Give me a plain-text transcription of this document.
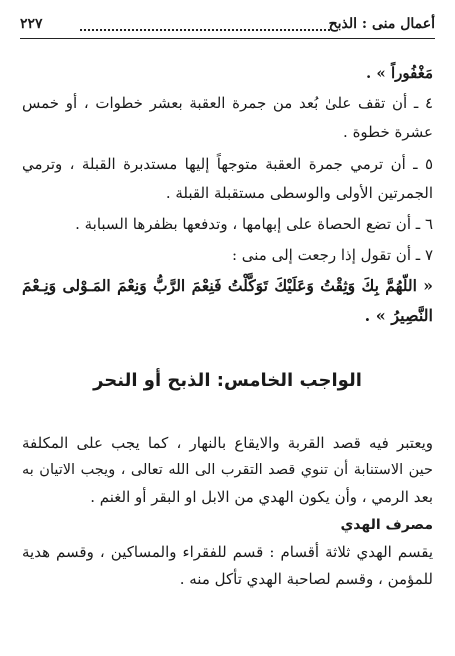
أعمال منى : الذبح
٢٢٧
مَغْفُوراً » .
٤ ـ أن تقف علىٰ بُعد من جمرة العقبة بعشر خطوات ، أو خمس
عشرة خطوة .
٥ ـ أن ترمي جمرة العقبة متوجهاً إليها مستدبرة القبلة ، وترمي
الجمرتين الأولى والوسطى مستقبلة القبلة .
٦ ـ أن تضع الحصاة على إبهامها ، وتدفعها بظفرها السبابة .
٧ ـ أن تقول إذا رجعت إلى منى :
« اللّهُمَّ بِكَ وَثِقْتُ وَعَلَيْكَ تَوَكَّلْتُ فَنِعْمَ الرَّبُّ وَنِعْمَ المَـوْلى وَنِـعْمَ
النَّصِيرُ » .
الواجب الخامس: الذبح أو النحر
ويعتبر فيه قصد القربة والايقاع بالنهار ، كما يجب على المكلفة
حين الاستنابة أن تنوي قصد التقرب الى الله تعالى ، ويجب الاتيان به
بعد الرمي ، وأن يكون الهدي من الابل او البقر أو الغنم .
مصرف الهدي
يقسم الهدي ثلاثة أقسام : قسم للفقراء والمساكين ، وقسم هدية
للمؤمن ، وقسم لصاحبة الهدي تأكل منه .
